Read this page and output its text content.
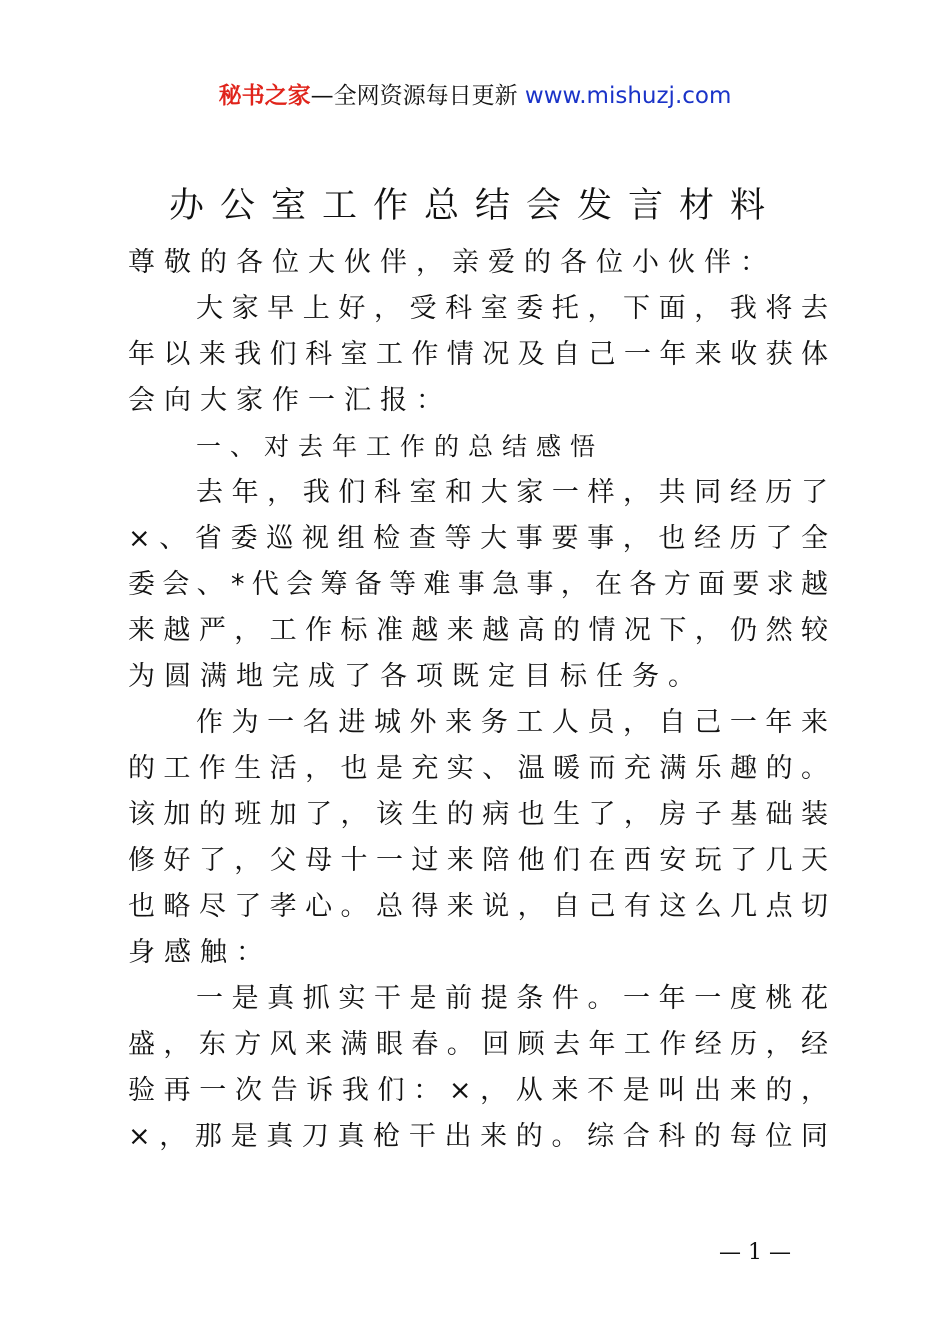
秘书之家—全网资源每日更新 www.mishuzj.com
办公室工作总结会发言材料
尊敬的各位大伙伴，亲爱的各位小伙伴：
大家早上好，受科室委托，下面，我将去
年以来我们科室工作情况及自己一年来收获体
会向大家作一汇报：
一、对去年工作的总结感悟
去年，我们科室和大家一样，共同经历了
×、省委巡视组检查等大事要事，也经历了全
委会、*代会筹备等难事急事，在各方面要求越
来越严，工作标准越来越高的情况下，仍然较
为圆满地完成了各项既定目标任务。
作为一名进城外来务工人员，自己一年来
的工作生活，也是充实、温暖而充满乐趣的。
该加的班加了，该生的病也生了，房子基础装
修好了，父母十一过来陪他们在西安玩了几天
也略尽了孝心。总得来说，自己有这么几点切
身感触：
一是真抓实干是前提条件。一年一度桃花
盛，东方风来满眼春。回顾去年工作经历，经
验再一次告诉我们：×，从来不是叫出来的，
×，那是真刀真枪干出来的。综合科的每位同
— 1 —
